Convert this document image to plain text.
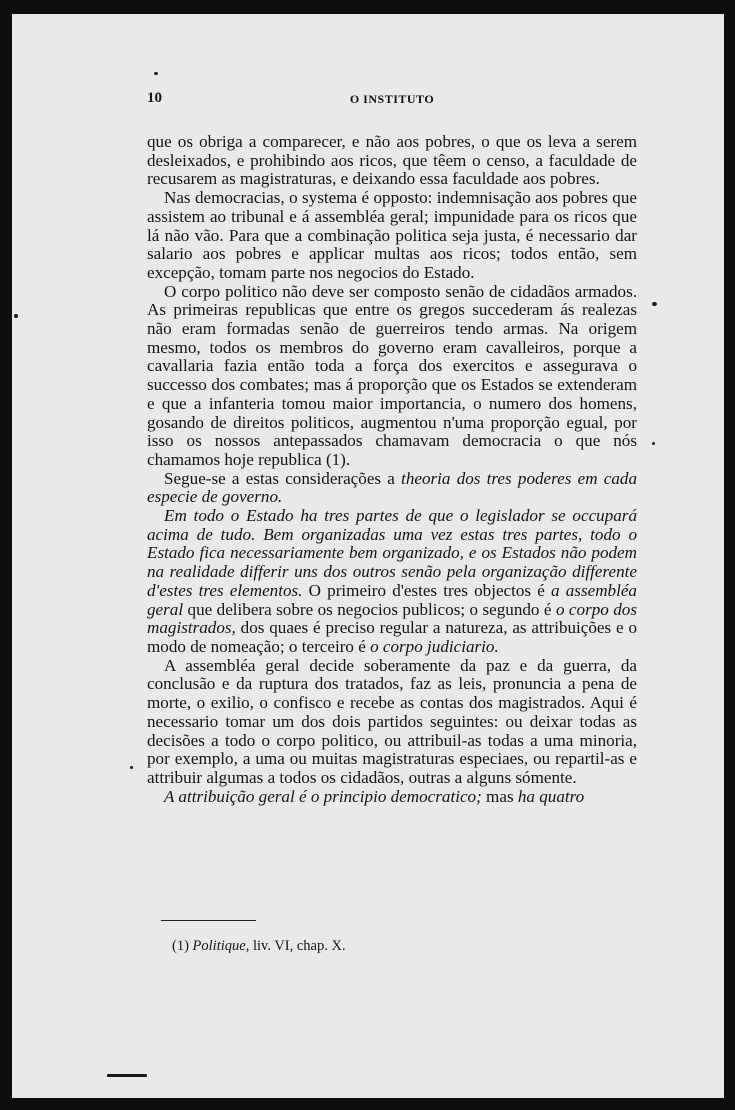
10	O INSTITUTO

que os obriga a comparecer, e não aos pobres, o que os leva a serem desleixados, e prohibindo aos ricos, que têem o censo, a faculdade de recusarem as magistraturas, e deixando essa faculdade aos pobres.

Nas democracias, o systema é opposto: indemnisação aos pobres que assistem ao tribunal e á assembléa geral; impunidade para os ricos que lá não vão. Para que a combinação politica seja justa, é necessario dar salario aos pobres e applicar multas aos ricos; todos então, sem excepção, tomam parte nos negocios do Estado.

O corpo politico não deve ser composto senão de cidadãos armados. As primeiras republicas que entre os gregos succederam ás realezas não eram formadas senão de guerreiros tendo armas. Na origem mesmo, todos os membros do governo eram cavalleiros, porque a cavallaria fazia então toda a força dos exercitos e assegurava o successo dos combates; mas á proporção que os Estados se extenderam e que a infanteria tomou maior importancia, o numero dos homens, gosando de direitos politicos, augmentou n'uma proporção egual, por isso os nossos antepassados chamavam democracia o que nós chamamos hoje republica (1).

Segue-se a estas considerações a theoria dos tres poderes em cada especie de governo.

Em todo o Estado ha tres partes de que o legislador se occupará acima de tudo. Bem organizadas uma vez estas tres partes, todo o Estado fica necessariamente bem organizado, e os Estados não podem na realidade differir uns dos outros senão pela organização differente d'estes tres elementos. O primeiro d'estes tres objectos é a assembléa geral que delibera sobre os negocios publicos; o segundo é o corpo dos magistrados, dos quaes é preciso regular a natureza, as attribuições e o modo de nomeação; o terceiro é o corpo judiciario.

A assembléa geral decide soberamente da paz e da guerra, da conclusão e da ruptura dos tratados, faz as leis, pronuncia a pena de morte, o exilio, o confisco e recebe as contas dos magistrados. Aqui é necessario tomar um dos dois partidos seguintes: ou deixar todas as decisões a todo o corpo politico, ou attribuil-as todas a uma minoria, por exemplo, a uma ou muitas magistraturas especiaes, ou repartil-as e attribuir algumas a todos os cidadãos, outras a alguns sómente.

A attribuição geral é o principio democratico; mas ha quatro

(1) Politique, liv. VI, chap. X.
